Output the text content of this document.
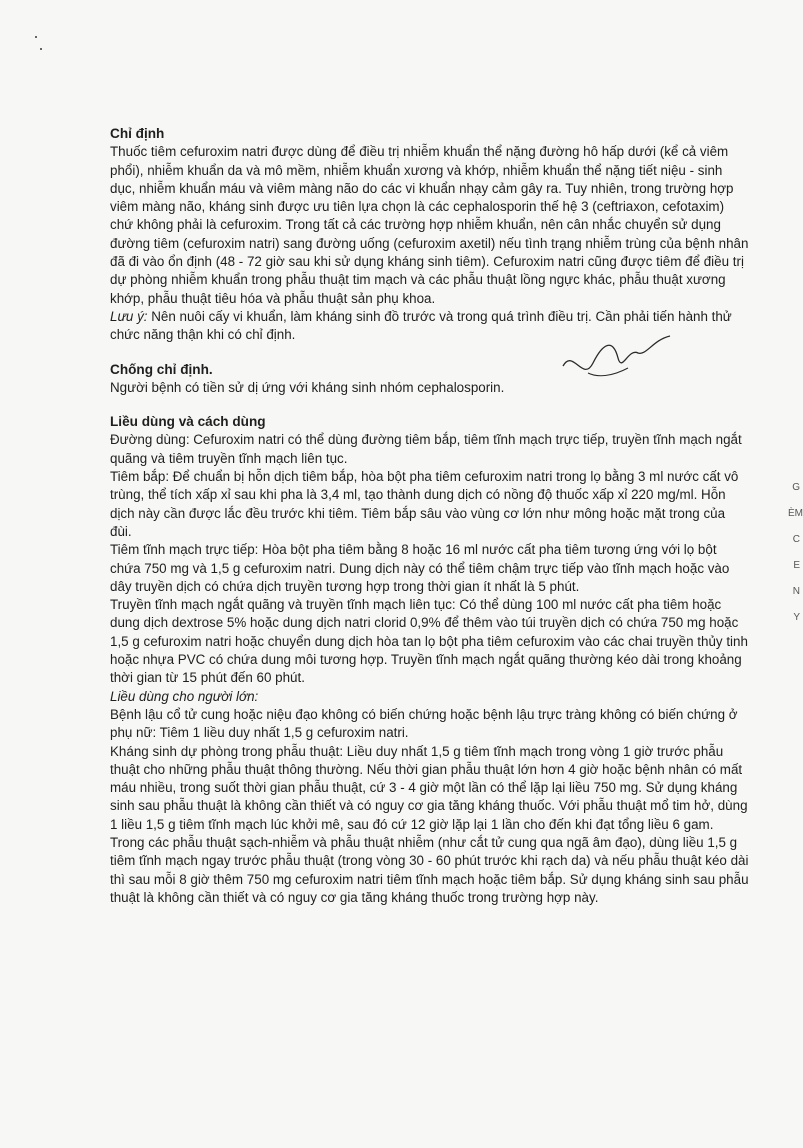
Chỉ định

Thuốc tiêm cefuroxim natri được dùng để điều trị nhiễm khuẩn thể nặng đường hô hấp dưới (kể cả viêm phổi), nhiễm khuẩn da và mô mềm, nhiễm khuẩn xương và khớp, nhiễm khuẩn thể nặng tiết niệu - sinh dục, nhiễm khuẩn máu và viêm màng não do các vi khuẩn nhạy cảm gây ra. Tuy nhiên, trong trường hợp viêm màng não, kháng sinh được ưu tiên lựa chọn là các cephalosporin thế hệ 3 (ceftriaxon, cefotaxim) chứ không phải là cefuroxim. Trong tất cả các trường hợp nhiễm khuẩn, nên cân nhắc chuyển sử dụng đường tiêm (cefuroxim natri) sang đường uống (cefuroxim axetil) nếu tình trạng nhiễm trùng của bệnh nhân đã đi vào ổn định (48 - 72 giờ sau khi sử dụng kháng sinh tiêm). Cefuroxim natri cũng được tiêm để điều trị dự phòng nhiễm khuẩn trong phẫu thuật tim mạch và các phẫu thuật lồng ngực khác, phẫu thuật xương khớp, phẫu thuật tiêu hóa và phẫu thuật sản phụ khoa.

Lưu ý: Nên nuôi cấy vi khuẩn, làm kháng sinh đồ trước và trong quá trình điều trị. Cần phải tiến hành thử chức năng thận khi có chỉ định.

Chống chỉ định.

Người bệnh có tiền sử dị ứng với kháng sinh nhóm cephalosporin.

Liều dùng và cách dùng

Đường dùng: Cefuroxim natri có thể dùng đường tiêm bắp, tiêm tĩnh mạch trực tiếp, truyền tĩnh mạch ngắt quãng và tiêm truyền tĩnh mạch liên tục.

Tiêm bắp: Để chuẩn bị hỗn dịch tiêm bắp, hòa bột pha tiêm cefuroxim natri trong lọ bằng 3 ml nước cất vô trùng, thể tích xấp xỉ sau khi pha là 3,4 ml, tạo thành dung dịch có nồng độ thuốc xấp xỉ 220 mg/ml. Hỗn dịch này cần được lắc đều trước khi tiêm. Tiêm bắp sâu vào vùng cơ lớn như mông hoặc mặt trong của đùi.

Tiêm tĩnh mạch trực tiếp: Hòa bột pha tiêm bằng 8 hoặc 16 ml nước cất pha tiêm tương ứng với lọ bột chứa 750 mg và 1,5 g cefuroxim natri. Dung dịch này có thể tiêm chậm trực tiếp vào tĩnh mạch hoặc vào dây truyền dịch có chứa dịch truyền tương hợp trong thời gian ít nhất là 5 phút.

Truyền tĩnh mạch ngắt quãng và truyền tĩnh mạch liên tục: Có thể dùng 100 ml nước cất pha tiêm hoặc dung dịch dextrose 5% hoặc dung dịch natri clorid 0,9% để thêm vào túi truyền dịch có chứa 750 mg hoặc 1,5 g cefuroxim natri hoặc chuyển dung dịch hòa tan lọ bột pha tiêm cefuroxim vào các chai truyền thủy tinh hoặc nhựa PVC có chứa dung môi tương hợp. Truyền tĩnh mạch ngắt quãng thường kéo dài trong khoảng thời gian từ 15 phút đến 60 phút.

Liều dùng cho người lớn:

Bệnh lậu cổ tử cung hoặc niệu đạo không có biến chứng hoặc bệnh lậu trực tràng không có biến chứng ở phụ nữ: Tiêm 1 liều duy nhất 1,5 g cefuroxim natri.

Kháng sinh dự phòng trong phẫu thuật: Liều duy nhất 1,5 g tiêm tĩnh mạch trong vòng 1 giờ trước phẫu thuật cho những phẫu thuật thông thường. Nếu thời gian phẫu thuật lớn hơn 4 giờ hoặc bệnh nhân có mất máu nhiều, trong suốt thời gian phẫu thuật, cứ 3 - 4 giờ một lần có thể lặp lại liều 750 mg. Sử dụng kháng sinh sau phẫu thuật là không cần thiết và có nguy cơ gia tăng kháng thuốc. Với phẫu thuật mổ tim hở, dùng 1 liều 1,5 g tiêm tĩnh mạch lúc khởi mê, sau đó cứ 12 giờ lặp lại 1 lần cho đến khi đạt tổng liều 6 gam. Trong các phẫu thuật sạch-nhiễm và phẫu thuật nhiễm (như cắt tử cung qua ngã âm đạo), dùng liều 1,5 g tiêm tĩnh mạch ngay trước phẫu thuật (trong vòng 30 - 60 phút trước khi rạch da) và nếu phẫu thuật kéo dài thì sau mỗi 8 giờ thêm 750 mg cefuroxim natri tiêm tĩnh mạch hoặc tiêm bắp. Sử dụng kháng sinh sau phẫu thuật là không cần thiết và có nguy cơ gia tăng kháng thuốc trong trường hợp này.

G
ÈM
C
E
N
Y
